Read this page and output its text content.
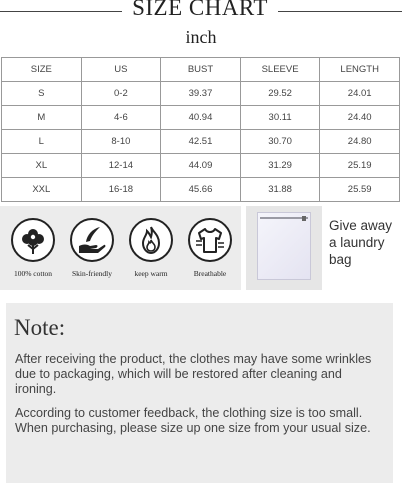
SIZE CHART
inch
SIZE	US	BUST	SLEEVE	LENGTH
S	0-2	39.37	29.52	24.01
M	4-6	40.94	30.11	24.40
L	8-10	42.51	30.70	24.80
XL	12-14	44.09	31.29	25.19
XXL	16-18	45.66	31.88	25.59
100% cotton	Skin-friendly	keep warm	Breathable
Give away a laundry bag
Note:

After receiving the product, the clothes may have some wrinkles due to packaging, which will be restored after cleaning and ironing.

According to customer feedback, the clothing size is too small. When purchasing, please size up one size from your usual size.
